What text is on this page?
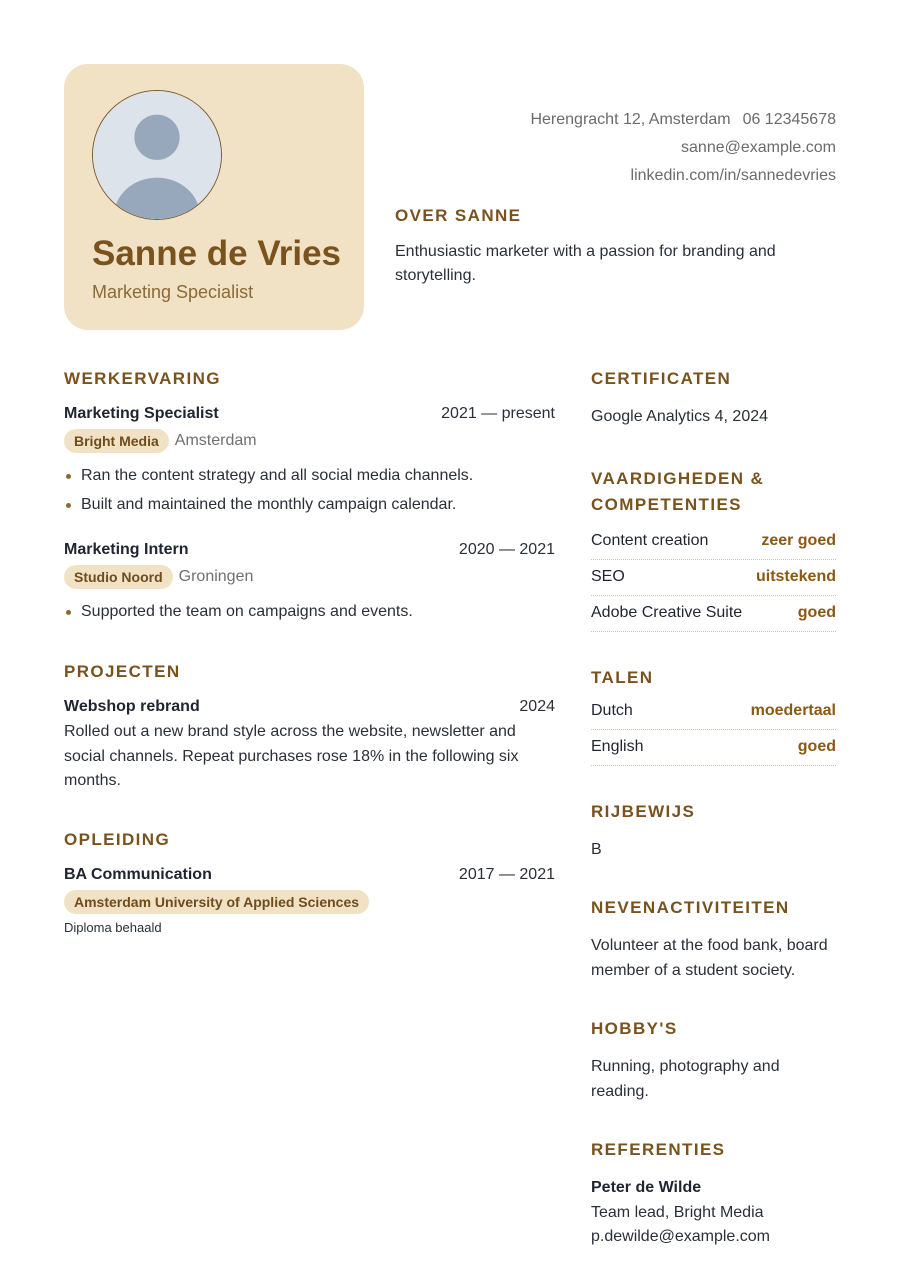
Sanne de Vries
Marketing Specialist
Herengracht 12, Amsterdam 06 12345678
sanne@example.com
linkedin.com/in/sannedevries
OVER SANNE

Enthusiastic marketer with a passion for branding and storytelling.

WERKERVARING
Marketing Specialist	2021 — present
Bright Media	Amsterdam
Ran the content strategy and all social media channels.
Built and maintained the monthly campaign calendar.
Marketing Intern	2020 — 2021
Studio Noord	Groningen
Supported the team on campaigns and events.
PROJECTEN
Webshop rebrand	2024
Rolled out a new brand style across the website, newsletter and social channels. Repeat purchases rose 18% in the following six months.
OPLEIDING
BA Communication	2017 — 2021
Amsterdam University of Applied Sciences
Diploma behaald
CERTIFICATEN
Google Analytics 4, 2024
VAARDIGHEDEN & COMPETENTIES
Content creation	zeer goed
SEO	uitstekend
Adobe Creative Suite	goed
TALEN
Dutch	moedertaal
English	goed
RIJBEWIJS
B
NEVENACTIVITEITEN
Volunteer at the food bank, board member of a student society.
HOBBY'S
Running, photography and reading.
REFERENTIES
Peter de Wilde
Team lead, Bright Media
p.dewilde@example.com
